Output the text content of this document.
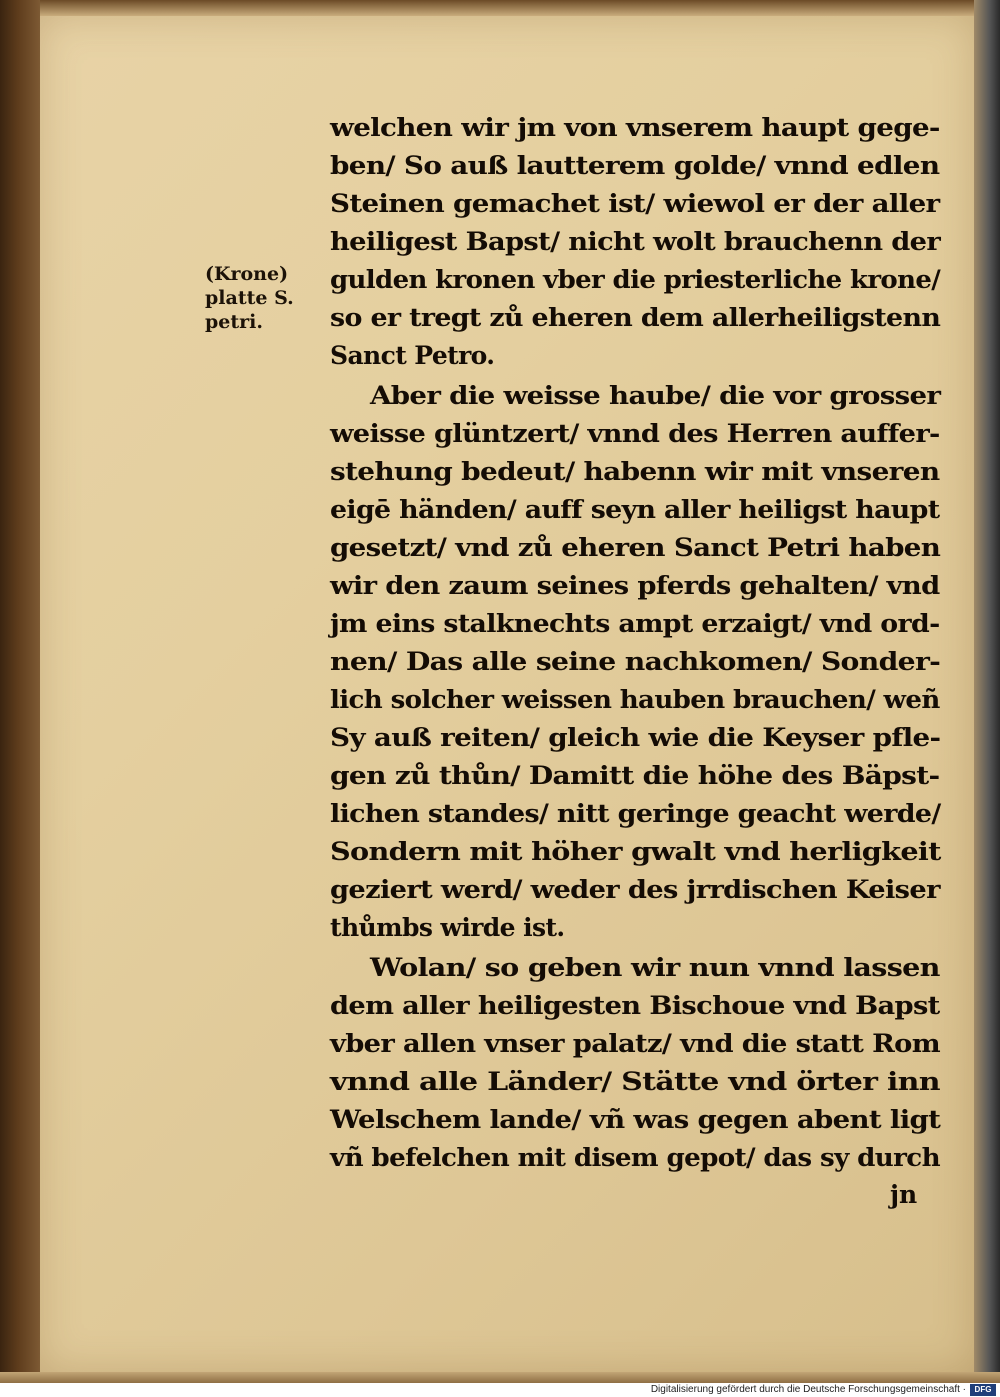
(Krone)
platte S.
petri.
welchen wir jm von vnserem haupt gege-
ben/ So auß lautterem golde/ vnnd edlen
Steinen gemachet ist/ wiewol er der aller
heiligest Bapst/ nicht wolt brauchenn der
gulden kronen vber die priesterliche krone/
so er tregt zů eheren dem allerheiligstenn
Sanct Petro.
Aber die weisse haube/ die vor grosser
weisse glüntzert/ vnnd des Herren auffer-
stehung bedeut/ habenn wir mit vnseren
eigē händen/ auff seyn aller heiligst haupt
gesetzt/ vnd zů eheren Sanct Petri haben
wir den zaum seines pferds gehalten/ vnd
jm eins stalknechts ampt erzaigt/ vnd ord-
nen/ Das alle seine nachkomen/ Sonder-
lich solcher weissen hauben brauchen/ weñ
Sy auß reiten/ gleich wie die Keyser pfle-
gen zů thůn/ Damitt die höhe des Bäpst-
lichen standes/ nitt geringe geacht werde/
Sondern mit höher gwalt vnd herligkeit
geziert werd/ weder des jrrdischen Keiser
thůmbs wirde ist.
Wolan/ so geben wir nun vnnd lassen
dem aller heiligesten Bischoue vnd Bapst
vber allen vnser palatz/ vnd die statt Rom
vnnd alle Länder/ Stätte vnd örter inn
Welschem lande/ vñ was gegen abent ligt
vñ befelchen mit disem gepot/ das sy durch
jn
Digitalisierung gefördert durch die Deutsche Forschungsgemeinschaft ·	DFG
